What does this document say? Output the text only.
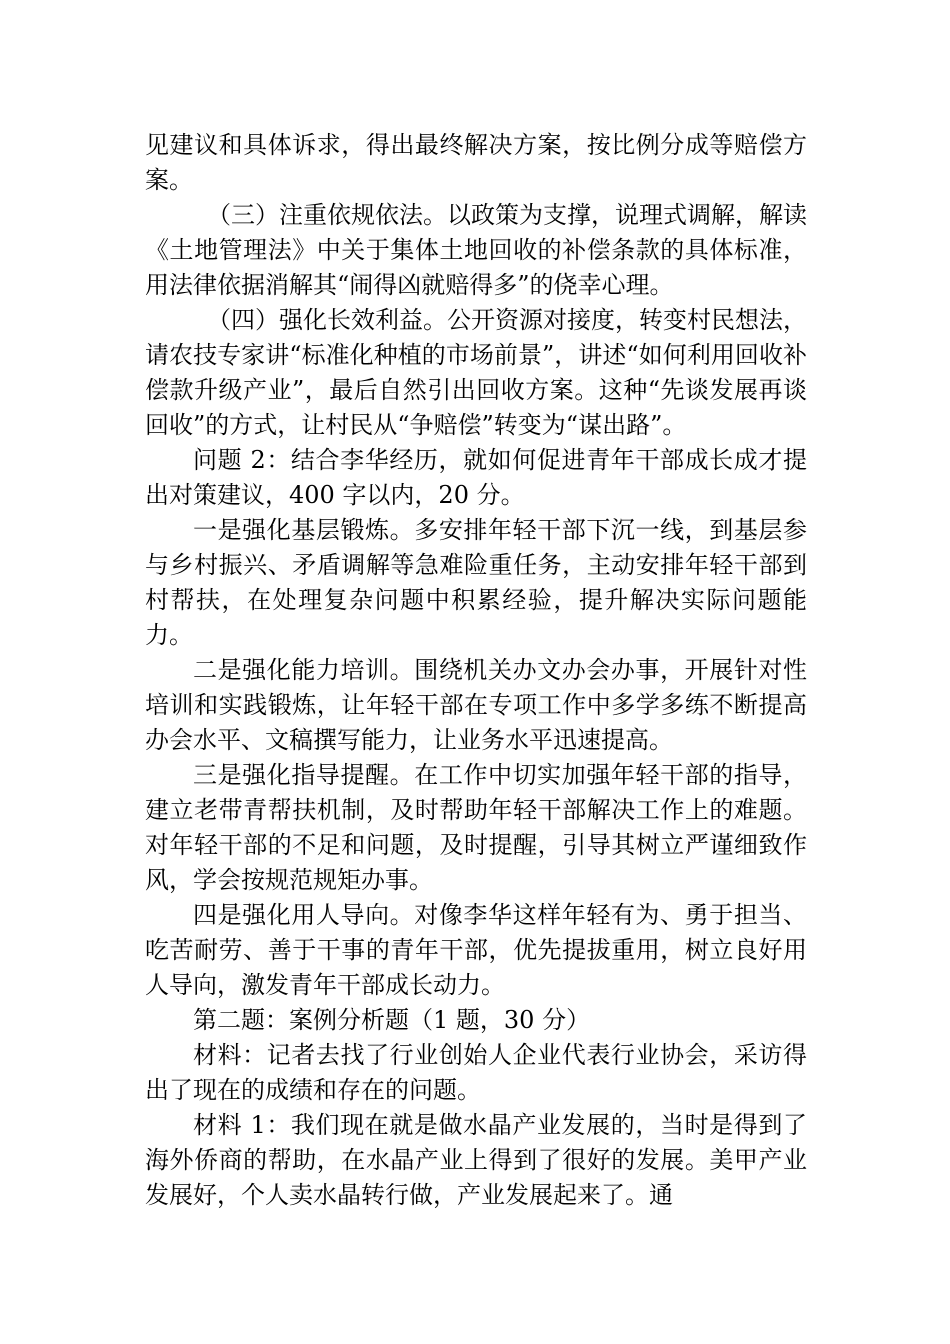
见建议和具体诉求，得出最终解决方案，按比例分成等赔偿方案。

（三）注重依规依法。以政策为支撑，说理式调解，解读《土地管理法》中关于集体土地回收的补偿条款的具体标准，用法律依据消解其“闹得凶就赔得多”的侥幸心理。

（四）强化长效利益。公开资源对接度，转变村民想法，请农技专家讲“标准化种植的市场前景”，讲述“如何利用回收补偿款升级产业”，最后自然引出回收方案。这种“先谈发展再谈回收”的方式，让村民从“争赔偿”转变为“谋出路”。

问题 2：结合李华经历，就如何促进青年干部成长成才提出对策建议，400 字以内，20 分。

一是强化基层锻炼。多安排年轻干部下沉一线，到基层参与乡村振兴、矛盾调解等急难险重任务，主动安排年轻干部到村帮扶，在处理复杂问题中积累经验，提升解决实际问题能力。

二是强化能力培训。围绕机关办文办会办事，开展针对性培训和实践锻炼，让年轻干部在专项工作中多学多练不断提高办会水平、文稿撰写能力，让业务水平迅速提高。

三是强化指导提醒。在工作中切实加强年轻干部的指导，建立老带青帮扶机制，及时帮助年轻干部解决工作上的难题。对年轻干部的不足和问题，及时提醒，引导其树立严谨细致作风，学会按规范规矩办事。

四是强化用人导向。对像李华这样年轻有为、勇于担当、吃苦耐劳、善于干事的青年干部，优先提拔重用，树立良好用人导向，激发青年干部成长动力。

第二题：案例分析题（1 题，30 分）

材料：记者去找了行业创始人企业代表行业协会，采访得出了现在的成绩和存在的问题。

材料 1：我们现在就是做水晶产业发展的，当时是得到了海外侨商的帮助，在水晶产业上得到了很好的发展。美甲产业发展好，个人卖水晶转行做，产业发展起来了。通
